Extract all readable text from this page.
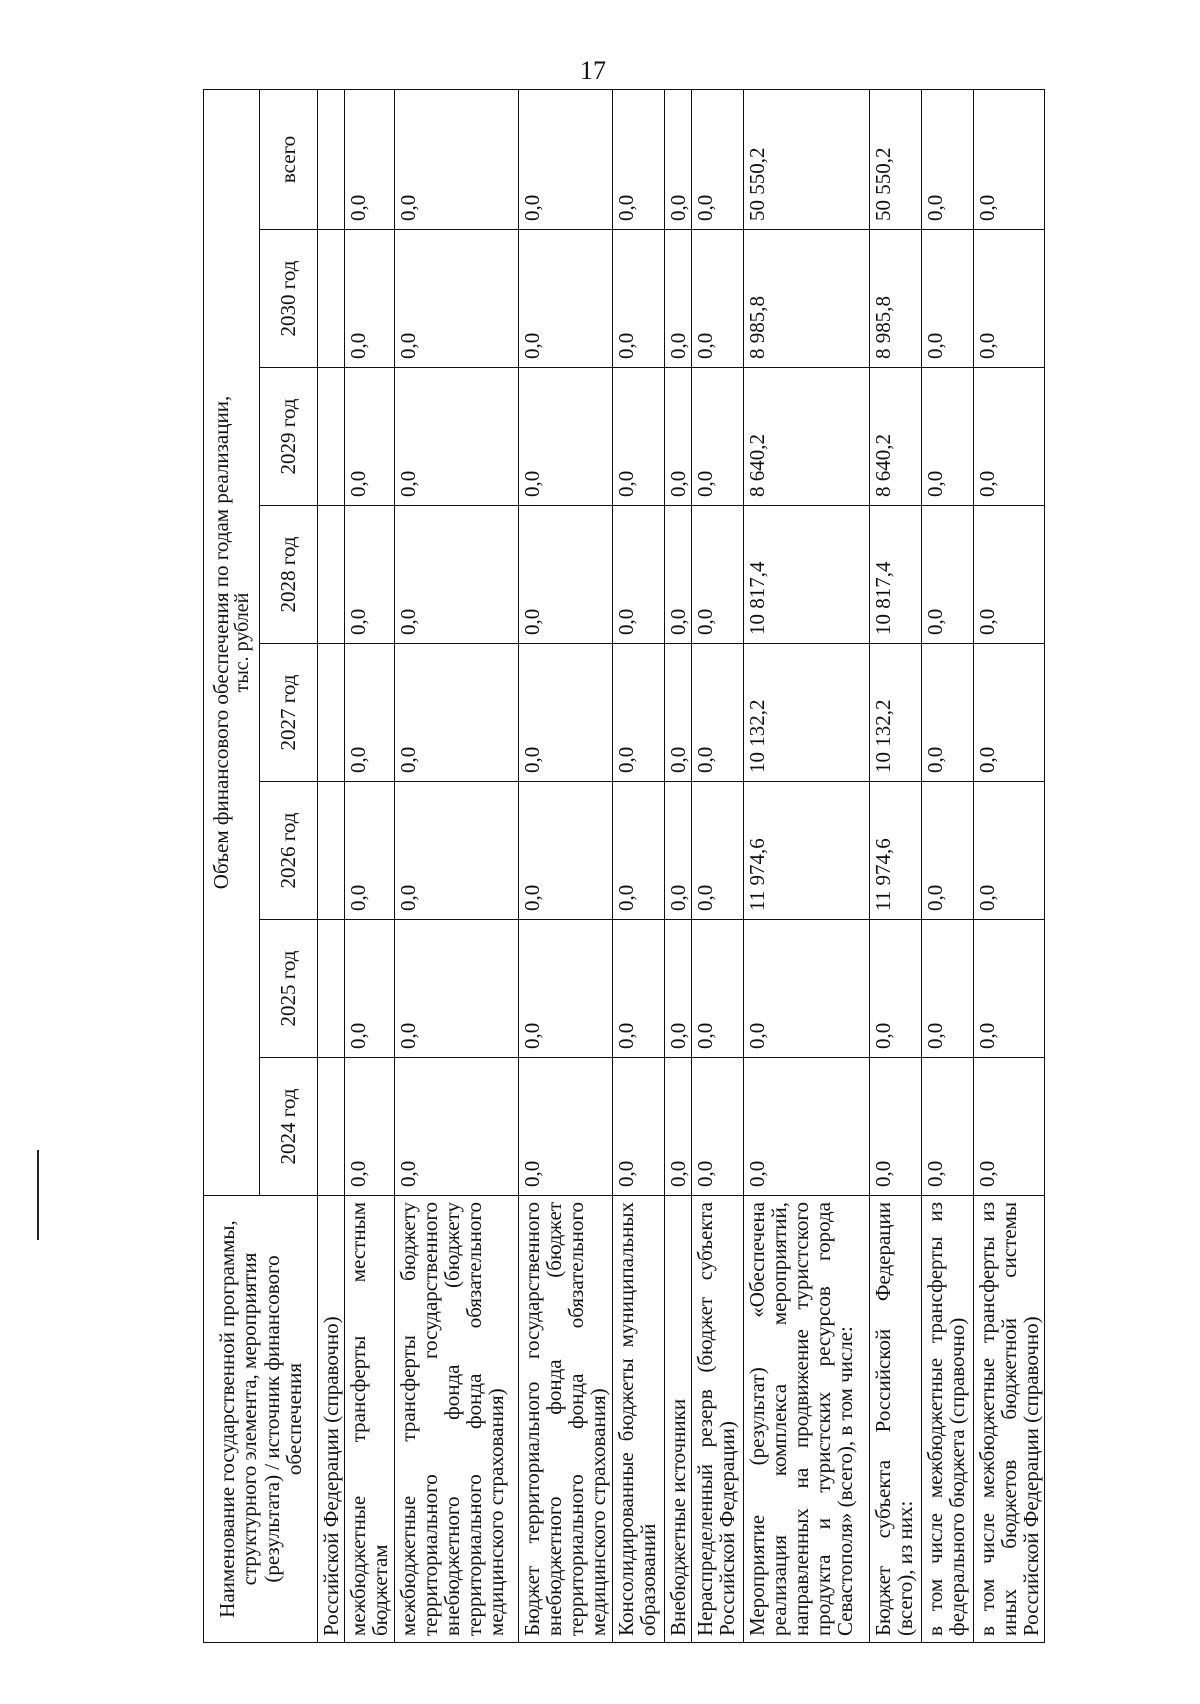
17
Наименование государственной программы, структурного элемента, мероприятия (результата) / источник финансового обеспечения	Объем финансового обеспечения по годам реализации,
тыс. рублей							

	2024 год	2025 год	2026 год	2027 год	2028 год	2029 год	2030 год	всего
Российской Федерации (справочно)								
межбюджетные трансферты местным бюджетам	0,0	0,0	0,0	0,0	0,0	0,0	0,0	0,0
межбюджетные трансферты бюджету территориального государственного внебюджетного фонда (бюджету территориального фонда обязательного медицинского страхования)	0,0	0,0	0,0	0,0	0,0	0,0	0,0	0,0
Бюджет территориального государственного внебюджетного фонда (бюджет территориального фонда обязательного медицинского страхования)	0,0	0,0	0,0	0,0	0,0	0,0	0,0	0,0
Консолидированные бюджеты муниципальных образований	0,0	0,0	0,0	0,0	0,0	0,0	0,0	0,0
Внебюджетные источники	0,0	0,0	0,0	0,0	0,0	0,0	0,0	0,0
Нераспределенный резерв (бюджет субъекта Российской Федерации)	0,0	0,0	0,0	0,0	0,0	0,0	0,0	0,0
Мероприятие (результат) «Обеспечена реализация комплекса мероприятий, направленных на продвижение туристского продукта и туристских ресурсов города Севастополя» (всего), в том числе:	0,0	0,0	11 974,6	10 132,2	10 817,4	8 640,2	8 985,8	50 550,2
Бюджет субъекта Российской Федерации (всего), из них:	0,0	0,0	11 974,6	10 132,2	10 817,4	8 640,2	8 985,8	50 550,2
в том числе межбюджетные трансферты из федерального бюджета (справочно)	0,0	0,0	0,0	0,0	0,0	0,0	0,0	0,0
в том числе межбюджетные трансферты из иных бюджетов бюджетной системы Российской Федерации (справочно)	0,0	0,0	0,0	0,0	0,0	0,0	0,0	0,0
